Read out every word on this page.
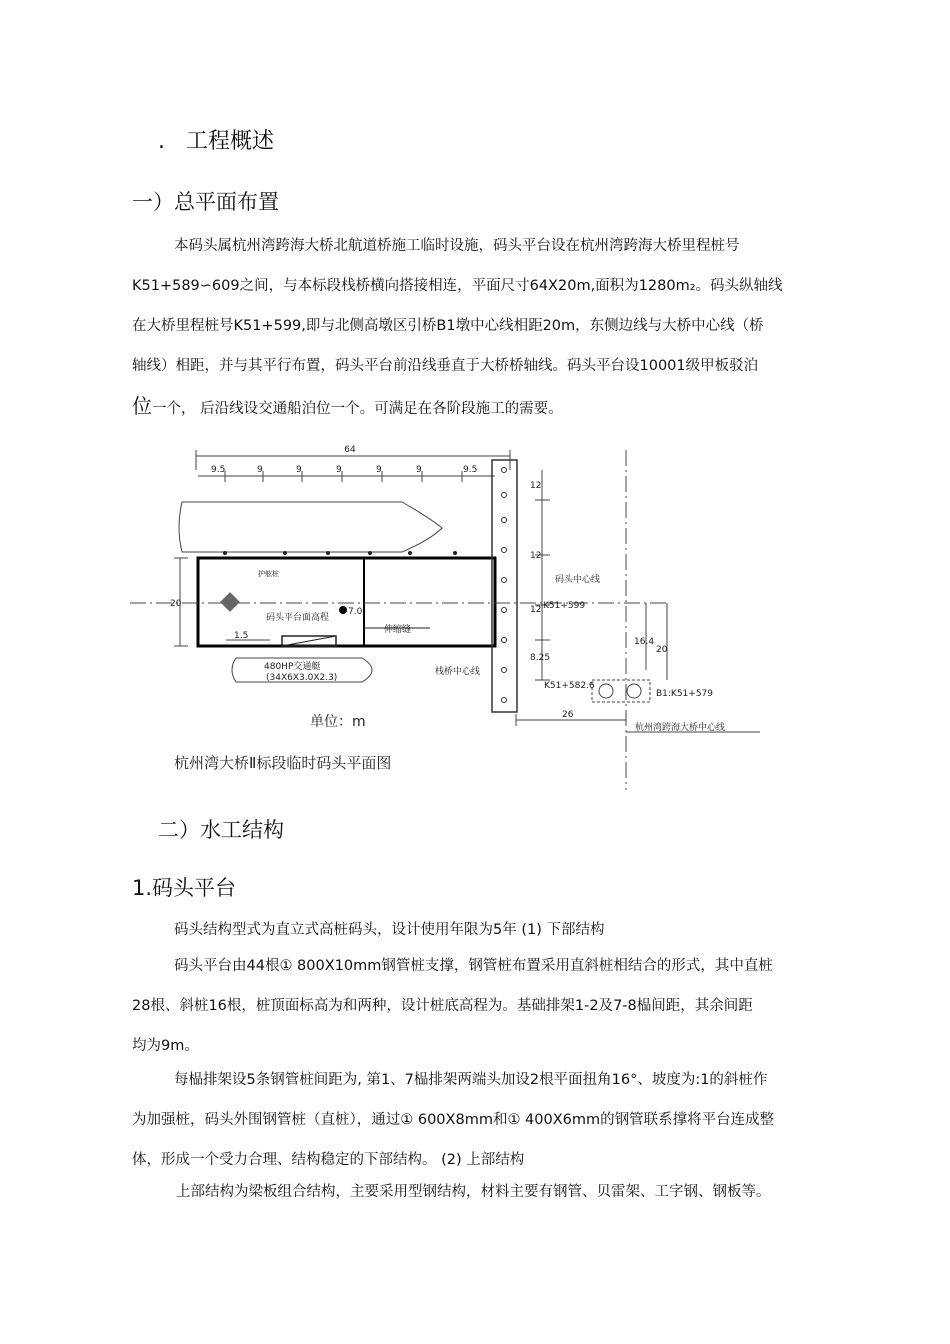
. 工程概述
一）总平面布置
本码头属杭州湾跨海大桥北航道桥施工临时设施，码头平台设在杭州湾跨海大桥里程桩号
K51+589∽609之间，与本标段栈桥横向搭接相连，平面尺寸64X20m,面积为1280m₂。码头纵轴线
在大桥里程桩号K51+599,即与北侧高墩区引桥B1墩中心线相距20m，东侧边线与大桥中心线（桥
轴线）相距，并与其平行布置，码头平台前沿线垂直于大桥桥轴线。码头平台设10001级甲板驳泊
位一个， 后沿线设交通船泊位一个。可满足在各阶段施工的需要。
64
9.5	9	9	9	9	9	9.5
12
12
12
8.25
20
1.5
16.4
20
26
码头平台面高程
7.0
伸缩缝
栈桥中心线
码头中心线
K51+599
K51+582.6
B1:K51+579
杭州湾跨海大桥中心线
480HP交通艇
(34X6X3.0X2.3)
护舷桩
单位：m
杭州湾大桥Ⅱ标段临时码头平面图
二）水工结构
1.码头平台
码头结构型式为直立式高桩码头，设计使用年限为5年 (1) 下部结构
码头平台由44根① 800X10mm钢管桩支撑，钢管桩布置采用直斜桩相结合的形式，其中直桩
28根、斜桩16根，桩顶面标高为和两种，设计桩底高程为。基础排架1-2及7-8榀间距，其余间距
均为9m。
每榀排架设5条钢管桩间距为, 第1、7榀排架两端头加设2根平面扭角16°、坡度为:1的斜桩作
为加强桩，码头外围钢管桩（直桩），通过① 600X8mm和① 400X6mm的钢管联系撑将平台连成整
体，形成一个受力合理、结构稳定的下部结构。 (2) 上部结构
上部结构为梁板组合结构，主要采用型钢结构，材料主要有钢管、贝雷架、工字钢、钢板等。
